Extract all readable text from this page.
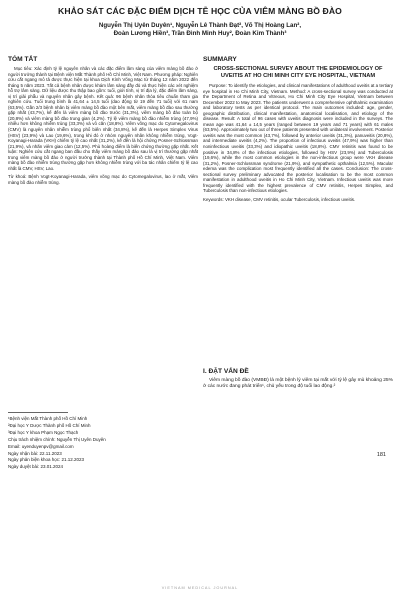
KHẢO SÁT CÁC ĐẶC ĐIỂM DỊCH TỄ HỌC CỦA VIÊM MÀNG BỒ ĐÀO
Nguyễn Thị Uyên Duyên¹, Nguyễn Lê Thành Đạt², Võ Thị Hoàng Lan²,
Đoàn Lương Hiền³, Trần Đình Minh Huy², Đoàn Kim Thành³
TÓM TẮT

Mục tiêu: Xác định tỷ lệ nguyên nhân và các đặc điểm lâm sàng của viêm màng bồ đào ở người trưởng thành tại Bệnh viện Mắt Thành phố Hồ Chí Minh, Việt Nam. Phương pháp: Nghiên cứu cắt ngang mô tả được thực hiện tại khoa Dịch Kính Võng Mạc từ tháng 12 năm 2022 đến tháng 5 năm 2023. Tất cả bệnh nhân được khám lâm sàng đầy đủ và thực hiện các xét nghiệm hỗ trợ lâm sàng. Dữ liệu được thu thập bao gồm: tuổi, giới tính, vị trí địa lý, đặc điểm lâm sàng, vị trí giải phẫu và nguyên nhân gây bệnh. Kết quả: 96 bệnh nhân thỏa tiêu chuẩn tham gia nghiên cứu. Tuổi trung bình là 41,64 ± 14,5 tuổi (dao động từ 19 đến 71 tuổi) với 61 nam (63,5%). Gần 2/3 bệnh nhân bị viêm màng bồ đào một bên mắt, viêm màng bồ đào sau thường gặp nhất (43,7%), kế đến là viêm màng bồ đào trước (31,3%), viêm màng bồ đào toàn bộ (20,8%) và viêm màng bồ đào trung gian (4,2%). Tỷ lệ viêm màng bồ đào nhiễm trùng (47,9%) nhiều hơn không nhiễm trùng (33,3%) và vô căn (18,8%). Viêm võng mạc do Cytomegalovirus (CMV) là nguyên nhân nhiễm trùng phổ biến nhất (34,8%), kế đến là Herpes Simplex Virus (HSV) (23,9%) và Lao (19,6%), trong khi đó ở nhóm nguyên nhân không nhiễm trùng, Vogt-Koyanagi-Harada (VKH) chiếm tỷ lệ cao nhất (31,2%), kế đến là hội chứng Posner-Schlossman (21,9%), và nhãn viêm giao cảm (12,5%). Phù hoàng điểm là biến chứng thường gặp nhất. Kết luận: Nghiên cứu cắt ngang ban đầu cho thấy viêm màng bồ đào sau là vị trí thường gặp nhất trong viêm màng bồ đào ở người trưởng thành tại Thành phố Hồ Chí Minh, Việt Nam. Viêm màng bồ đào nhiễm trùng thường gặp hơn không nhiễm trùng với ba tác nhân chiếm tỷ lệ cao nhất là CMV, HSV, Lao.

Từ khoá: Bệnh Vogt-Koyanagi-Harada, viêm võng mạc do Cytomegalovirus, lao ở mắt, Viêm màng bồ đào nhiễm trùng.
¹Bệnh viện Mắt Thành phố Hồ Chí Minh
²Đại học Y Dược Thành phố Hồ Chí Minh
³Đại học Y khoa Phạm Ngọc Thạch
Chịu trách nhiệm chính: Nguyễn Thị Uyên Duyên
Email: uyenduyenpv@gmail.com
Ngày nhận bài: 22.11.2023
Ngày phản biện khoa học: 21.12.2023
Ngày duyệt bài: 23.01.2024
SUMMARY
CROSS-SECTIONAL SURVEY ABOUT THE EPIDEMIOLOGY OF UVEITIS AT HO CHI MINH CITY EYE HOSPITAL, VIETNAM

Purpose: To identify the etiologies, and clinical manifestations of adulthood uveitis at a tertiary eye hospital in Ho Chi Minh City, Vietnam. Method: A cross-sectional survey was conducted at the Department of Retina and Vitreous, Ho Chi Minh City Eye Hospital, Vietnam between December 2022 to May 2023. The patients underwent a comprehensive ophthalmic examination and laboratory tests as per identical protocol. The main outcomes included: age, gender, geographic distribution, clinical manifestation, anatomical localisation, and etiology of the disease. Result: A total of 96 cases with uveitis diagnosis were included in the surveys. The mean age was 41,64 ± 14,5 years (ranged between 19 years and 71 years) with 61 males (63,5%). Approximately two out of three patients presented with unilateral involvement. Posterior uveitis was the most common (43,7%), followed by anterior uveitis (31,3%), panuveitis (20,8%), and intermediate uveitis (4,2%). The proportion of infectious uveitis (47,9%) was higher than noninfectious uveitis (33,3%) and idiopathic uveitis (18,8%). CMV retinitis was found to be positive in 34,8% of the infectious etiologies, followed by HSV (23,9%) and Tuberculosis (19,6%), while the most common etiologies in the non-infectious group were VKH disease (31,2%), Posner-Schlossman syndrome (21,9%), and sympathetic opthalmia (12,5%). Macular edema was the complication most frequently identified all the cases. Conclusion: The cross-sectional survey preliminary advocated the posterior localisation to be the most common manifestation in adulthood uveitis in Ho Chi Minh City, Vietnam. Infectious uveitis was more frequently identified with the highest prevalence of CMV retinitis, Herpes Simplex, and Tuberculosis than non-infectious etiologies.

Keywords: VKH disease, CMV retinitis, ocular Tuberculosis, infectious uveitis.
I. ĐẶT VẤN ĐỀ
Viêm màng bồ đào (VMBĐ) là một bệnh lý viêm tại mắt với tỷ lệ gây mù khoảng 25% ở các nước đang phát triển¹, chủ yếu trong độ tuổi lao động.²
181
VIETNAM MEDICAL JOURNAL
